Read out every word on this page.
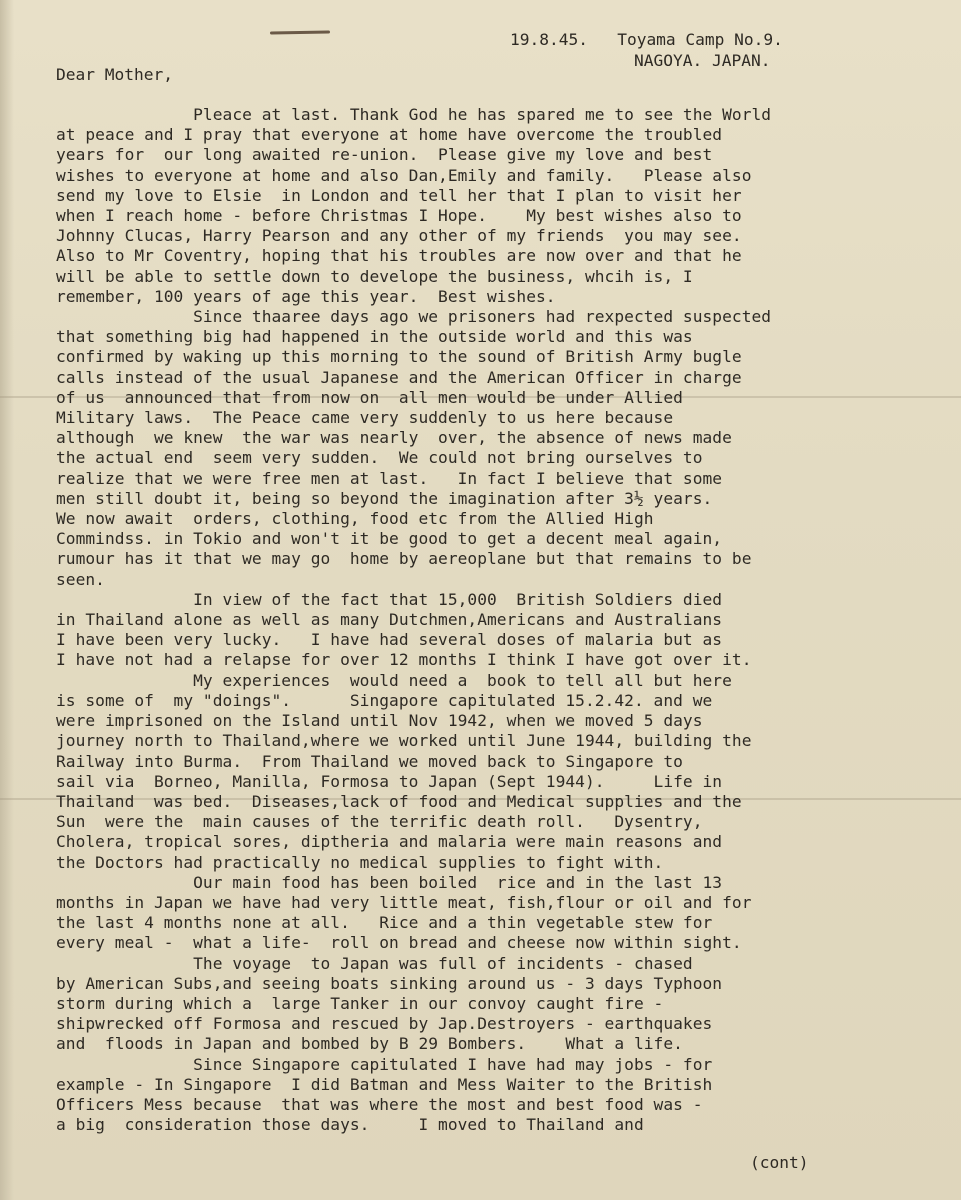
19.8.45.   Toyama Camp No.9.

NAGOYA. JAPAN.

Dear Mother,

Pleace at last. Thank God he has spared me to see the World
at peace and I pray that everyone at home have overcome the troubled
years for  our long awaited re-union.  Please give my love and best
wishes to everyone at home and also Dan,Emily and family.   Please also
send my love to Elsie  in London and tell her that I plan to visit her
when I reach home - before Christmas I Hope.    My best wishes also to
Johnny Clucas, Harry Pearson and any other of my friends  you may see.
Also to Mr Coventry, hoping that his troubles are now over and that he
will be able to settle down to develope the business, whcih is, I
remember, 100 years of age this year.  Best wishes.
Since thaaree days ago we prisoners had rexpected suspected
that something big had happened in the outside world and this was
confirmed by waking up this morning to the sound of British Army bugle
calls instead of the usual Japanese and the American Officer in charge
of us  announced that from now on  all men would be under Allied
Military laws.  The Peace came very suddenly to us here because
although  we knew  the war was nearly  over, the absence of news made
the actual end  seem very sudden.  We could not bring ourselves to
realize that we were free men at last.   In fact I believe that some
men still doubt it, being so beyond the imagination after 3½ years.
We now await  orders, clothing, food etc from the Allied High
Commindss. in Tokio and won't it be good to get a decent meal again,
rumour has it that we may go  home by aereoplane but that remains to be
seen.
In view of the fact that 15,000  British Soldiers died
in Thailand alone as well as many Dutchmen,Americans and Australians
I have been very lucky.   I have had several doses of malaria but as
I have not had a relapse for over 12 months I think I have got over it.
My experiences  would need a  book to tell all but here
is some of  my "doings".      Singapore capitulated 15.2.42. and we
were imprisoned on the Island until Nov 1942, when we moved 5 days
journey north to Thailand,where we worked until June 1944, building the
Railway into Burma.  From Thailand we moved back to Singapore to
sail via  Borneo, Manilla, Formosa to Japan (Sept 1944).     Life in
Thailand  was bed.  Diseases,lack of food and Medical supplies and the
Sun  were the  main causes of the terrific death roll.   Dysentry,
Cholera, tropical sores, diptheria and malaria were main reasons and
the Doctors had practically no medical supplies to fight with.
Our main food has been boiled  rice and in the last 13
months in Japan we have had very little meat, fish,flour or oil and for
the last 4 months none at all.   Rice and a thin vegetable stew for
every meal -  what a life-  roll on bread and cheese now within sight.
The voyage  to Japan was full of incidents - chased
by American Subs,and seeing boats sinking around us - 3 days Typhoon
storm during which a  large Tanker in our convoy caught fire -
shipwrecked off Formosa and rescued by Jap.Destroyers - earthquakes
and  floods in Japan and bombed by B 29 Bombers.    What a life.
Since Singapore capitulated I have had may jobs - for
example - In Singapore  I did Batman and Mess Waiter to the British
Officers Mess because  that was where the most and best food was -
a big  consideration those days.     I moved to Thailand and

(cont)
